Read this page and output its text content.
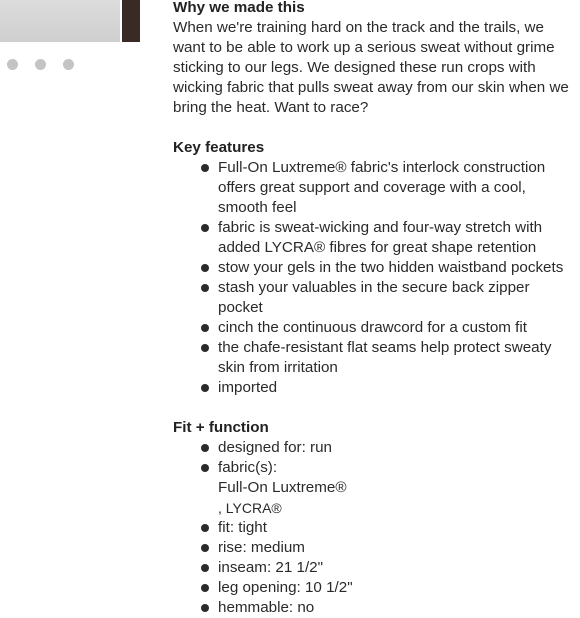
Why we made this

When we're training hard on the track and the trails, we want to be able to work up a serious sweat without grime sticking to our legs. We designed these run crops with wicking fabric that pulls sweat away from our skin when we bring the heat. Want to race?

Key features
Full-On Luxtreme® fabric's interlock construction offers great support and coverage with a cool, smooth feel
fabric is sweat-wicking and four-way stretch with added LYCRA® fibres for great shape retention
stow your gels in the two hidden waistband pockets
stash your valuables in the secure back zipper pocket
cinch the continuous drawcord for a custom fit
the chafe-resistant flat seams help protect sweaty skin from irritation
imported
Fit + function
designed for: run
fabric(s):
Full-On Luxtreme®
, LYCRA®
fit: tight
rise: medium
inseam: 21 1/2"
leg opening: 10 1/2"
hemmable: no
